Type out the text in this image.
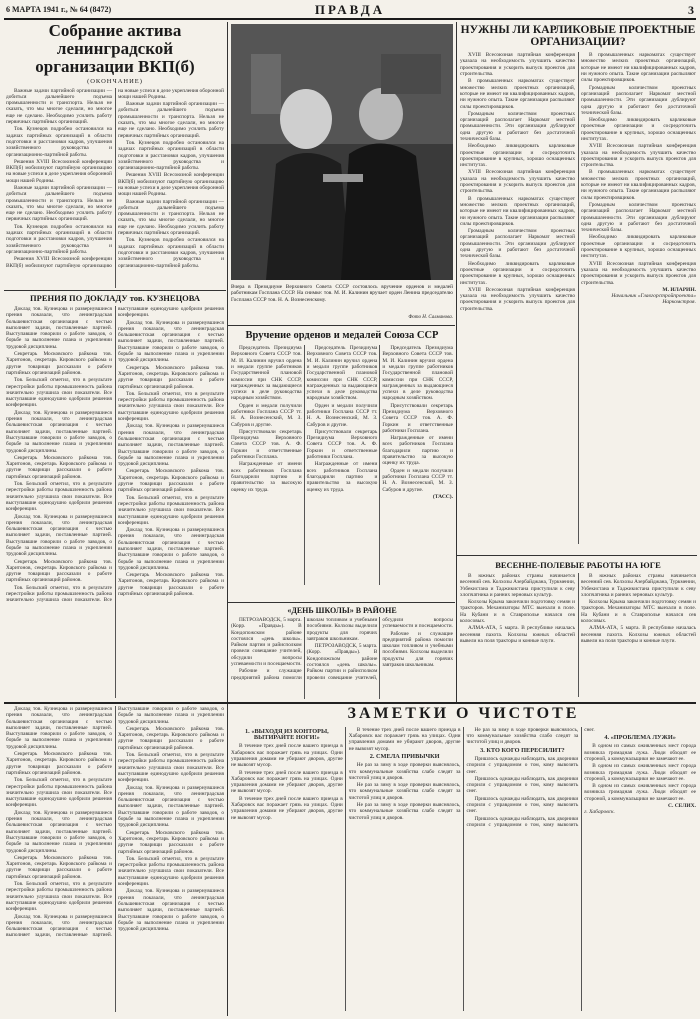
6 МАРТА 1941 г., № 64 (8472)	ПРАВДА	3
Собрание актива ленинградской организации ВКП(б)
(ОКОНЧАНИЕ)

Важные задачи партийной организации — добиться дальнейшего подъема промышленности и транспорта. Нельзя не сказать, что мы многое сделали, но многое еще не сделано. Необходимо усилить работу первичных партийных организаций.

Тов. Кузнецов подробно остановился на задачах партийных организаций в области подготовки и расстановки кадров, улучшения хозяйственного руководства и организационно-партийной работы.

Решения XVIII Всесоюзной конференции ВКП(б) мобилизуют партийную организацию на новые успехи в деле укрепления оборонной мощи нашей Родины.

Важные задачи партийной организации — добиться дальнейшего подъема промышленности и транспорта. Нельзя не сказать, что мы многое сделали, но многое еще не сделано. Необходимо усилить работу первичных партийных организаций.

Тов. Кузнецов подробно остановился на задачах партийных организаций в области подготовки и расстановки кадров, улучшения хозяйственного руководства и организационно-партийной работы.

Решения XVIII Всесоюзной конференции ВКП(б) мобилизуют партийную организацию на новые успехи в деле укрепления оборонной мощи нашей Родины.

Важные задачи партийной организации — добиться дальнейшего подъема промышленности и транспорта. Нельзя не сказать, что мы многое сделали, но многое еще не сделано. Необходимо усилить работу первичных партийных организаций.

Тов. Кузнецов подробно остановился на задачах партийных организаций в области подготовки и расстановки кадров, улучшения хозяйственного руководства и организационно-партийной работы.

Решения XVIII Всесоюзной конференции ВКП(б) мобилизуют партийную организацию на новые успехи в деле укрепления оборонной мощи нашей Родины.

Важные задачи партийной организации — добиться дальнейшего подъема промышленности и транспорта. Нельзя не сказать, что мы многое сделали, но многое еще не сделано. Необходимо усилить работу первичных партийных организаций.

Тов. Кузнецов подробно остановился на задачах партийных организаций в области подготовки и расстановки кадров, улучшения хозяйственного руководства и организационно-партийной работы.

ПРЕНИЯ ПО ДОКЛАДУ тов. КУЗНЕЦОВА

Доклад тов. Кузнецова и развернувшиеся прения показали, что ленинградская большевистская организация с честью выполняет задачи, поставленные партией. Выступавшие говорили о работе заводов, о борьбе за выполнение плана и укреплении трудовой дисциплины.

Секретарь Московского райкома тов. Харитонов, секретарь Кировского райкома и другие товарищи рассказали о работе партийных организаций районов.

Тов. Бельский отметил, что в результате перестройки работы промышленность района значительно улучшила свои показатели. Все выступавшие единодушно одобрили решения конференции.

Доклад тов. Кузнецова и развернувшиеся прения показали, что ленинградская большевистская организация с честью выполняет задачи, поставленные партией. Выступавшие говорили о работе заводов, о борьбе за выполнение плана и укреплении трудовой дисциплины.

Секретарь Московского райкома тов. Харитонов, секретарь Кировского райкома и другие товарищи рассказали о работе партийных организаций районов.

Тов. Бельский отметил, что в результате перестройки работы промышленность района значительно улучшила свои показатели. Все выступавшие единодушно одобрили решения конференции.

Доклад тов. Кузнецова и развернувшиеся прения показали, что ленинградская большевистская организация с честью выполняет задачи, поставленные партией. Выступавшие говорили о работе заводов, о борьбе за выполнение плана и укреплении трудовой дисциплины.

Секретарь Московского райкома тов. Харитонов, секретарь Кировского райкома и другие товарищи рассказали о работе партийных организаций районов.

Тов. Бельский отметил, что в результате перестройки работы промышленность района значительно улучшила свои показатели. Все выступавшие единодушно одобрили решения конференции.

Доклад тов. Кузнецова и развернувшиеся прения показали, что ленинградская большевистская организация с честью выполняет задачи, поставленные партией. Выступавшие говорили о работе заводов, о борьбе за выполнение плана и укреплении трудовой дисциплины.

Секретарь Московского райкома тов. Харитонов, секретарь Кировского райкома и другие товарищи рассказали о работе партийных организаций районов.

Тов. Бельский отметил, что в результате перестройки работы промышленность района значительно улучшила свои показатели. Все выступавшие единодушно одобрили решения конференции.

Доклад тов. Кузнецова и развернувшиеся прения показали, что ленинградская большевистская организация с честью выполняет задачи, поставленные партией. Выступавшие говорили о работе заводов, о борьбе за выполнение плана и укреплении трудовой дисциплины.

Секретарь Московского райкома тов. Харитонов, секретарь Кировского райкома и другие товарищи рассказали о работе партийных организаций районов.

Тов. Бельский отметил, что в результате перестройки работы промышленность района значительно улучшила свои показатели. Все выступавшие единодушно одобрили решения конференции.

Доклад тов. Кузнецова и развернувшиеся прения показали, что ленинградская большевистская организация с честью выполняет задачи, поставленные партией. Выступавшие говорили о работе заводов, о борьбе за выполнение плана и укреплении трудовой дисциплины.

Секретарь Московского райкома тов. Харитонов, секретарь Кировского райкома и другие товарищи рассказали о работе партийных организаций районов.

Вчера в Президиуме Верховного Совета СССР состоялось вручение орденов и медалей работникам Госплана СССР. На снимке: тов. М. И. Калинин вручает орден Ленина председателю Госплана СССР тов. Н. А. Вознесенскому.
Фото Н. Салманова.
Вручение орденов и медалей Союза ССР

Председатель Президиума Верховного Совета СССР тов. М. И. Калинин вручил ордена и медали группе работников Государственной плановой комиссии при СНК СССР, награжденных за выдающиеся успехи в деле руководства народным хозяйством.

Орден и медали получили работники Госплана СССР тт. Н. А. Вознесенский, М. З. Сабуров и другие.

Присутствовали секретарь Президиума Верховного Совета СССР тов. А. Ф. Горкин и ответственные работники Госплана.

Награжденные от имени всех работников Госплана благодарили партию и правительство за высокую оценку их труда.

Председатель Президиума Верховного Совета СССР тов. М. И. Калинин вручил ордена и медали группе работников Государственной плановой комиссии при СНК СССР, награжденных за выдающиеся успехи в деле руководства народным хозяйством.

Орден и медали получили работники Госплана СССР тт. Н. А. Вознесенский, М. З. Сабуров и другие.

Присутствовали секретарь Президиума Верховного Совета СССР тов. А. Ф. Горкин и ответственные работники Госплана.

Награжденные от имени всех работников Госплана благодарили партию и правительство за высокую оценку их труда.

Председатель Президиума Верховного Совета СССР тов. М. И. Калинин вручил ордена и медали группе работников Государственной плановой комиссии при СНК СССР, награжденных за выдающиеся успехи в деле руководства народным хозяйством.

Присутствовали секретарь Президиума Верховного Совета СССР тов. А. Ф. Горкин и ответственные работники Госплана.

Награжденные от имени всех работников Госплана благодарили партию и правительство за высокую оценку их труда.

Орден и медали получили работники Госплана СССР тт. Н. А. Вознесенский, М. З. Сабуров и другие.

(ТАСС).
«ДЕНЬ ШКОЛЫ» В РАЙОНЕ

ПЕТРОЗАВОДСК, 5 марта. (Корр. «Правды»). В Кондопожском районе состоялся «день школы». Райком партии и райисполком провели совещание учителей, обсудили вопросы успеваемости и посещаемости.

Рабочие и служащие предприятий района помогли школам топливом и учебными пособиями. Колхозы выделили продукты для горячих завтраков школьникам.

ПЕТРОЗАВОДСК, 5 марта. (Корр. «Правды»). В Кондопожском районе состоялся «день школы». Райком партии и райисполком провели совещание учителей, обсудили вопросы успеваемости и посещаемости.

Рабочие и служащие предприятий района помогли школам топливом и учебными пособиями. Колхозы выделили продукты для горячих завтраков школьникам.

НУЖНЫ ЛИ КАРЛИКОВЫЕ ПРОЕКТНЫЕ ОРГАНИЗАЦИИ?

XVIII Всесоюзная партийная конференция указала на необходимость улучшить качество проектирования и ускорить выпуск проектов для строительства.

В промышленных наркоматах существует множество мелких проектных организаций, которые не имеют ни квалифицированных кадров, ни нужного опыта. Такие организации распыляют силы проектировщиков.

Громадным количеством проектных организаций располагает Наркомат местной промышленности. Эти организации дублируют одна другую и работают без достаточной технической базы.

Необходимо ликвидировать карликовые проектные организации и сосредоточить проектирование в крупных, хорошо оснащенных институтах.

XVIII Всесоюзная партийная конференция указала на необходимость улучшить качество проектирования и ускорить выпуск проектов для строительства.

В промышленных наркоматах существует множество мелких проектных организаций, которые не имеют ни квалифицированных кадров, ни нужного опыта. Такие организации распыляют силы проектировщиков.

Громадным количеством проектных организаций располагает Наркомат местной промышленности. Эти организации дублируют одна другую и работают без достаточной технической базы.

Необходимо ликвидировать карликовые проектные организации и сосредоточить проектирование в крупных, хорошо оснащенных институтах.

XVIII Всесоюзная партийная конференция указала на необходимость улучшить качество проектирования и ускорить выпуск проектов для строительства.

В промышленных наркоматах существует множество мелких проектных организаций, которые не имеют ни квалифицированных кадров, ни нужного опыта. Такие организации распыляют силы проектировщиков.

Громадным количеством проектных организаций располагает Наркомат местной промышленности. Эти организации дублируют одна другую и работают без достаточной технической базы.

Необходимо ликвидировать карликовые проектные организации и сосредоточить проектирование в крупных, хорошо оснащенных институтах.

XVIII Всесоюзная партийная конференция указала на необходимость улучшить качество проектирования и ускорить выпуск проектов для строительства.

В промышленных наркоматах существует множество мелких проектных организаций, которые не имеют ни квалифицированных кадров, ни нужного опыта. Такие организации распыляют силы проектировщиков.

Громадным количеством проектных организаций располагает Наркомат местной промышленности. Эти организации дублируют одна другую и работают без достаточной технической базы.

Необходимо ликвидировать карликовые проектные организации и сосредоточить проектирование в крупных, хорошо оснащенных институтах.

XVIII Всесоюзная партийная конференция указала на необходимость улучшить качество проектирования и ускорить выпуск проектов для строительства.

М. ИЛАРИН.
Начальник «Главгорстройпроекта» Наркомстроя.
ВЕСЕННЕ-ПОЛЕВЫЕ РАБОТЫ НА ЮГЕ

В южных районах страны начинается весенний сев. Колхозы Азербайджана, Туркмении, Узбекистана и Таджикистана приступили к севу хлопчатника и ранних зерновых культур.

Колхозы Крыма закончили подготовку семян и тракторов. Механизаторы МТС выехали в поле. На Кубани и в Ставрополье начался сев колосовых.

АЛМА-АТА, 5 марта. В республике началась весенняя пахота. Колхозы южных областей вывели на поля тракторы и конные плуги.

В южных районах страны начинается весенний сев. Колхозы Азербайджана, Туркмении, Узбекистана и Таджикистана приступили к севу хлопчатника и ранних зерновых культур.

Колхозы Крыма закончили подготовку семян и тракторов. Механизаторы МТС выехали в поле. На Кубани и в Ставрополье начался сев колосовых.

АЛМА-АТА, 5 марта. В республике началась весенняя пахота. Колхозы южных областей вывели на поля тракторы и конные плуги.

ЗАМЕТКИ О ЧИСТОТЕ
1. «ВЫХОДЯ ИЗ КОНТОРЫ, ВЫТИРАЙТЕ НОГИ!»

В течение трех дней после вашего приезда в Хабаровск вас поражает грязь на улицах. Одни управления домами не убирают дворов, другие не вывозят мусор.

В течение трех дней после вашего приезда в Хабаровск вас поражает грязь на улицах. Одни управления домами не убирают дворов, другие не вывозят мусор.

В течение трех дней после вашего приезда в Хабаровск вас поражает грязь на улицах. Одни управления домами не убирают дворов, другие не вывозят мусор.

В течение трех дней после вашего приезда в Хабаровск вас поражает грязь на улицах. Одни управления домами не убирают дворов, другие не вывозят мусор.

2. СМЕЛА ПРИВЫЧКИ

Не раз за зиму в ходе проверки выяснялось, что коммунальные хозяйства слабо следят за чистотой улиц и дворов.

Не раз за зиму в ходе проверки выяснялось, что коммунальные хозяйства слабо следят за чистотой улиц и дворов.

Не раз за зиму в ходе проверки выяснялось, что коммунальные хозяйства слабо следят за чистотой улиц и дворов.

Не раз за зиму в ходе проверки выяснялось, что коммунальные хозяйства слабо следят за чистотой улиц и дворов.

3. КТО КОГО ПЕРЕСИЛИТ?

Пришлось однажды наблюдать, как дворники спорили с управдомом о том, кому вывозить снег.

Пришлось однажды наблюдать, как дворники спорили с управдомом о том, кому вывозить снег.

Пришлось однажды наблюдать, как дворники спорили с управдомом о том, кому вывозить снег.

Пришлось однажды наблюдать, как дворники спорили с управдомом о том, кому вывозить снег.

4. «ПРОБЛЕМА ЛУЖИ»

В одном из самых оживленных мест города возникла громадная лужа. Люди обходят ее стороной, а коммунальщики не замечают ее.

В одном из самых оживленных мест города возникла громадная лужа. Люди обходят ее стороной, а коммунальщики не замечают ее.

В одном из самых оживленных мест города возникла громадная лужа. Люди обходят ее стороной, а коммунальщики не замечают ее.

С. СЕЛИХ.
г. Хабаровск.

Доклад тов. Кузнецова и развернувшиеся прения показали, что ленинградская большевистская организация с честью выполняет задачи, поставленные партией. Выступавшие говорили о работе заводов, о борьбе за выполнение плана и укреплении трудовой дисциплины.

Секретарь Московского райкома тов. Харитонов, секретарь Кировского райкома и другие товарищи рассказали о работе партийных организаций районов.

Тов. Бельский отметил, что в результате перестройки работы промышленность района значительно улучшила свои показатели. Все выступавшие единодушно одобрили решения конференции.

Доклад тов. Кузнецова и развернувшиеся прения показали, что ленинградская большевистская организация с честью выполняет задачи, поставленные партией. Выступавшие говорили о работе заводов, о борьбе за выполнение плана и укреплении трудовой дисциплины.

Секретарь Московского райкома тов. Харитонов, секретарь Кировского райкома и другие товарищи рассказали о работе партийных организаций районов.

Тов. Бельский отметил, что в результате перестройки работы промышленность района значительно улучшила свои показатели. Все выступавшие единодушно одобрили решения конференции.

Доклад тов. Кузнецова и развернувшиеся прения показали, что ленинградская большевистская организация с честью выполняет задачи, поставленные партией. Выступавшие говорили о работе заводов, о борьбе за выполнение плана и укреплении трудовой дисциплины.

Секретарь Московского райкома тов. Харитонов, секретарь Кировского райкома и другие товарищи рассказали о работе партийных организаций районов.

Тов. Бельский отметил, что в результате перестройки работы промышленность района значительно улучшила свои показатели. Все выступавшие единодушно одобрили решения конференции.

Доклад тов. Кузнецова и развернувшиеся прения показали, что ленинградская большевистская организация с честью выполняет задачи, поставленные партией. Выступавшие говорили о работе заводов, о борьбе за выполнение плана и укреплении трудовой дисциплины.

Секретарь Московского райкома тов. Харитонов, секретарь Кировского райкома и другие товарищи рассказали о работе партийных организаций районов.

Тов. Бельский отметил, что в результате перестройки работы промышленность района значительно улучшила свои показатели. Все выступавшие единодушно одобрили решения конференции.

Доклад тов. Кузнецова и развернувшиеся прения показали, что ленинградская большевистская организация с честью выполняет задачи, поставленные партией. Выступавшие говорили о работе заводов, о борьбе за выполнение плана и укреплении трудовой дисциплины.
